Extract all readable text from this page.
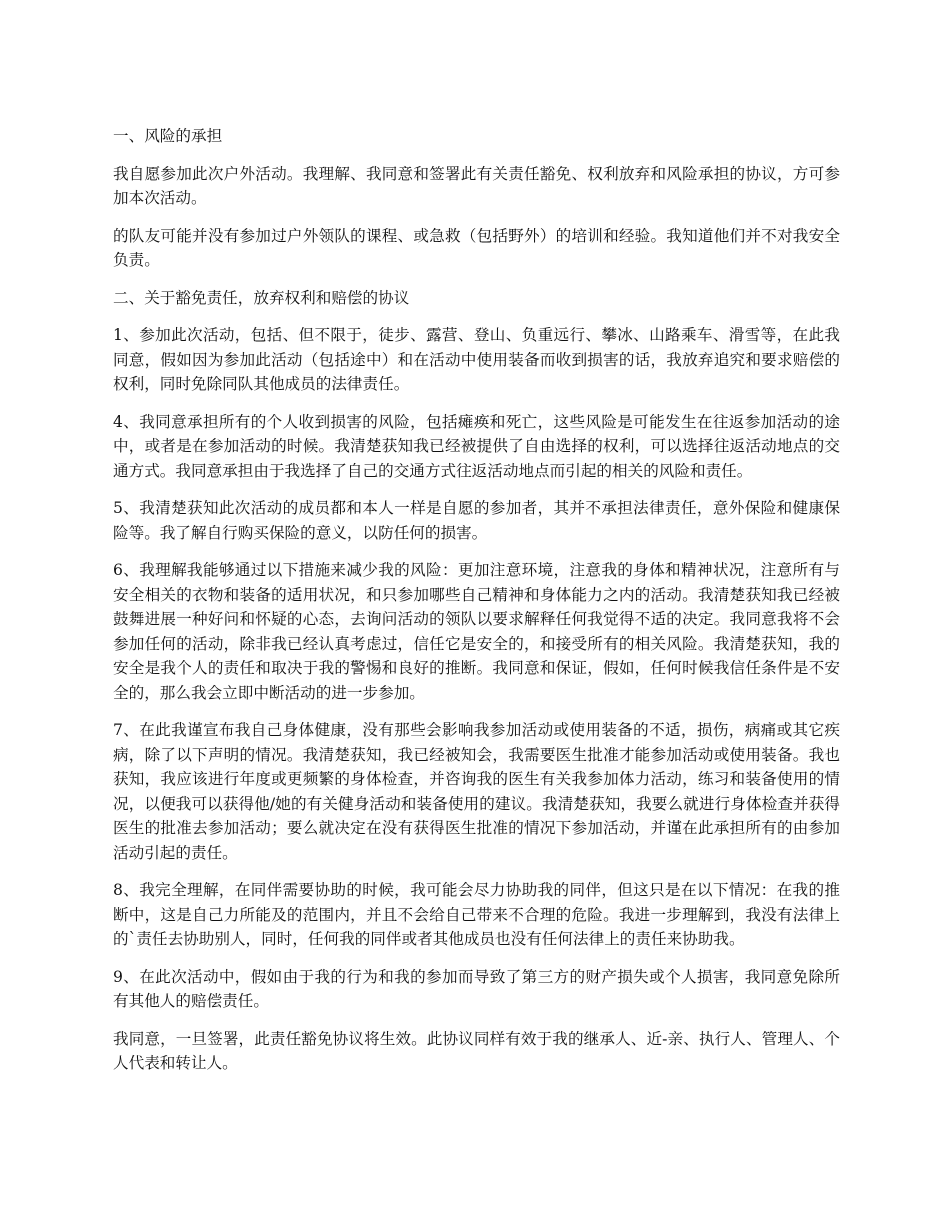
一、风险的承担

我自愿参加此次户外活动。我理解、我同意和签署此有关责任豁免、权利放弃和风险承担的协议，方可参加本次活动。

的队友可能并没有参加过户外领队的课程、或急救（包括野外）的培训和经验。我知道他们并不对我安全负责。

二、关于豁免责任，放弃权利和赔偿的协议

1、参加此次活动，包括、但不限于，徒步、露营、登山、负重远行、攀冰、山路乘车、滑雪等，在此我同意，假如因为参加此活动（包括途中）和在活动中使用装备而收到损害的话，我放弃追究和要求赔偿的权利，同时免除同队其他成员的法律责任。

4、我同意承担所有的个人收到损害的风险，包括瘫痪和死亡，这些风险是可能发生在往返参加活动的途中，或者是在参加活动的时候。我清楚获知我已经被提供了自由选择的权利，可以选择往返活动地点的交通方式。我同意承担由于我选择了自己的交通方式往返活动地点而引起的相关的风险和责任。

5、我清楚获知此次活动的成员都和本人一样是自愿的参加者，其并不承担法律责任，意外保险和健康保险等。我了解自行购买保险的意义，以防任何的损害。

6、我理解我能够通过以下措施来减少我的风险：更加注意环境，注意我的身体和精神状况，注意所有与安全相关的衣物和装备的适用状况，和只参加哪些自己精神和身体能力之内的活动。我清楚获知我已经被鼓舞进展一种好问和怀疑的心态，去询问活动的领队以要求解释任何我觉得不适的决定。我同意我将不会参加任何的活动，除非我已经认真考虑过，信任它是安全的，和接受所有的相关风险。我清楚获知，我的安全是我个人的责任和取决于我的警惕和良好的推断。我同意和保证，假如，任何时候我信任条件是不安全的，那么我会立即中断活动的进一步参加。

7、在此我谨宣布我自己身体健康，没有那些会影响我参加活动或使用装备的不适，损伤，病痛或其它疾病，除了以下声明的情况。我清楚获知，我已经被知会，我需要医生批准才能参加活动或使用装备。我也获知，我应该进行年度或更频繁的身体检查，并咨询我的医生有关我参加体力活动，练习和装备使用的情况，以便我可以获得他/她的有关健身活动和装备使用的建议。我清楚获知，我要么就进行身体检查并获得医生的批准去参加活动；要么就决定在没有获得医生批准的情况下参加活动，并谨在此承担所有的由参加活动引起的责任。

8、我完全理解，在同伴需要协助的时候，我可能会尽力协助我的同伴，但这只是在以下情况：在我的推断中，这是自己力所能及的范围内，并且不会给自己带来不合理的危险。我进一步理解到，我没有法律上的`责任去协助别人，同时，任何我的同伴或者其他成员也没有任何法律上的责任来协助我。

9、在此次活动中，假如由于我的行为和我的参加而导致了第三方的财产损失或个人损害，我同意免除所有其他人的赔偿责任。

我同意，一旦签署，此责任豁免协议将生效。此协议同样有效于我的继承人、近-亲、执行人、管理人、个人代表和转让人。
